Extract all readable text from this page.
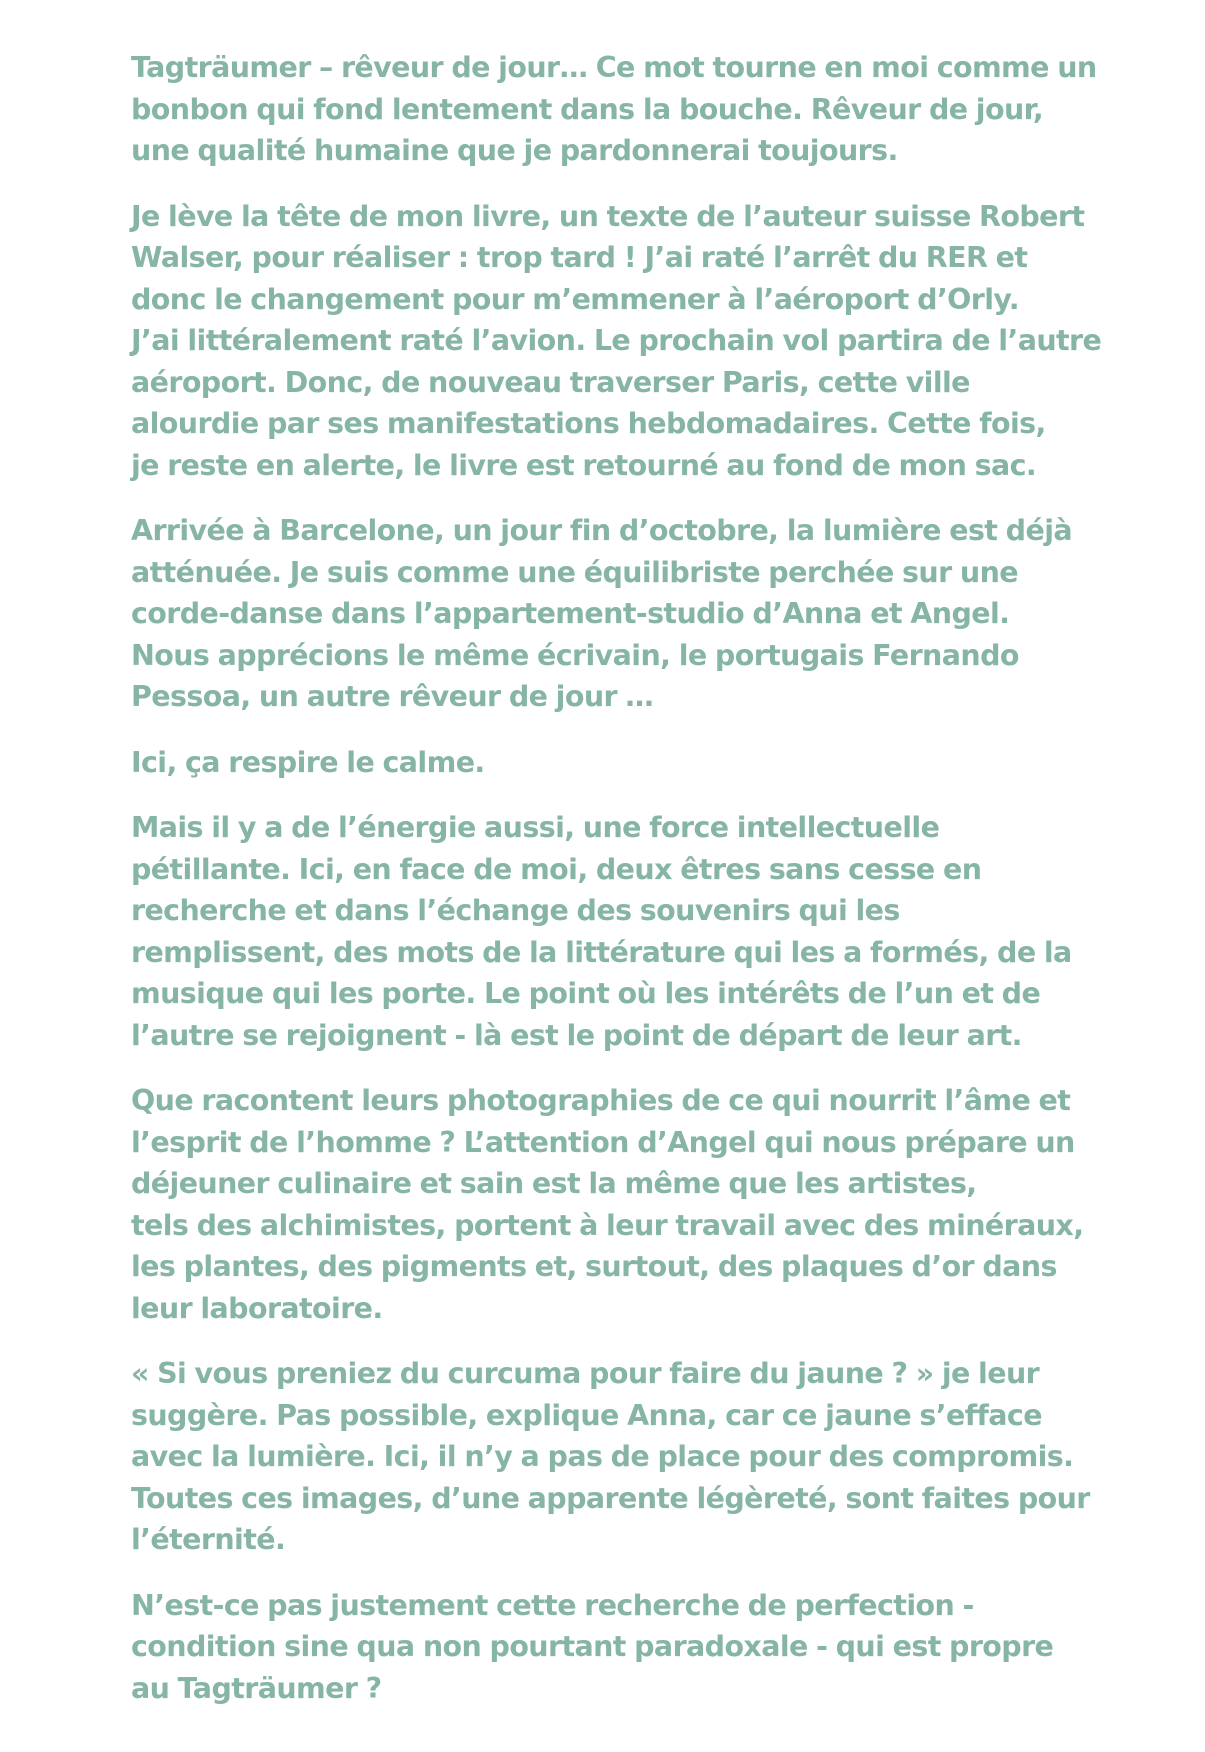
Tagträumer – rêveur de jour… Ce mot tourne en moi comme un
bonbon qui fond lentement dans la bouche. Rêveur de jour,
une qualité humaine que je pardonnerai toujours.

Je lève la tête de mon livre, un texte de l’auteur suisse Robert
Walser, pour réaliser : trop tard ! J’ai raté l’arrêt du RER et
donc le changement pour m’emmener à l’aéroport d’Orly.
J’ai littéralement raté l’avion. Le prochain vol partira de l’autre
aéroport. Donc, de nouveau traverser Paris, cette ville
alourdie par ses manifestations hebdomadaires. Cette fois,
je reste en alerte, le livre est retourné au fond de mon sac.

Arrivée à Barcelone, un jour fin d’octobre, la lumière est déjà
atténuée. Je suis comme une équilibriste perchée sur une
corde-danse dans l’appartement-studio d’Anna et Angel.
Nous apprécions le même écrivain, le portugais Fernando
Pessoa, un autre rêveur de jour …

Ici, ça respire le calme.

Mais il y a de l’énergie aussi, une force intellectuelle
pétillante. Ici, en face de moi, deux êtres sans cesse en
recherche et dans l’échange des souvenirs qui les
remplissent, des mots de la littérature qui les a formés, de la
musique qui les porte. Le point où les intérêts de l’un et de
l’autre se rejoignent - là est le point de départ de leur art.

Que racontent leurs photographies de ce qui nourrit l’âme et
l’esprit de l’homme ? L’attention d’Angel qui nous prépare un
déjeuner culinaire et sain est la même que les artistes,
tels des alchimistes, portent à leur travail avec des minéraux,
les plantes, des pigments et, surtout, des plaques d’or dans
leur laboratoire.

« Si vous preniez du curcuma pour faire du jaune ? » je leur
suggère. Pas possible, explique Anna, car ce jaune s’efface
avec la lumière. Ici, il n’y a pas de place pour des compromis.
Toutes ces images, d’une apparente légèreté, sont faites pour
l’éternité.

N’est-ce pas justement cette recherche de perfection -
condition sine qua non pourtant paradoxale - qui est propre
au Tagträumer ?
